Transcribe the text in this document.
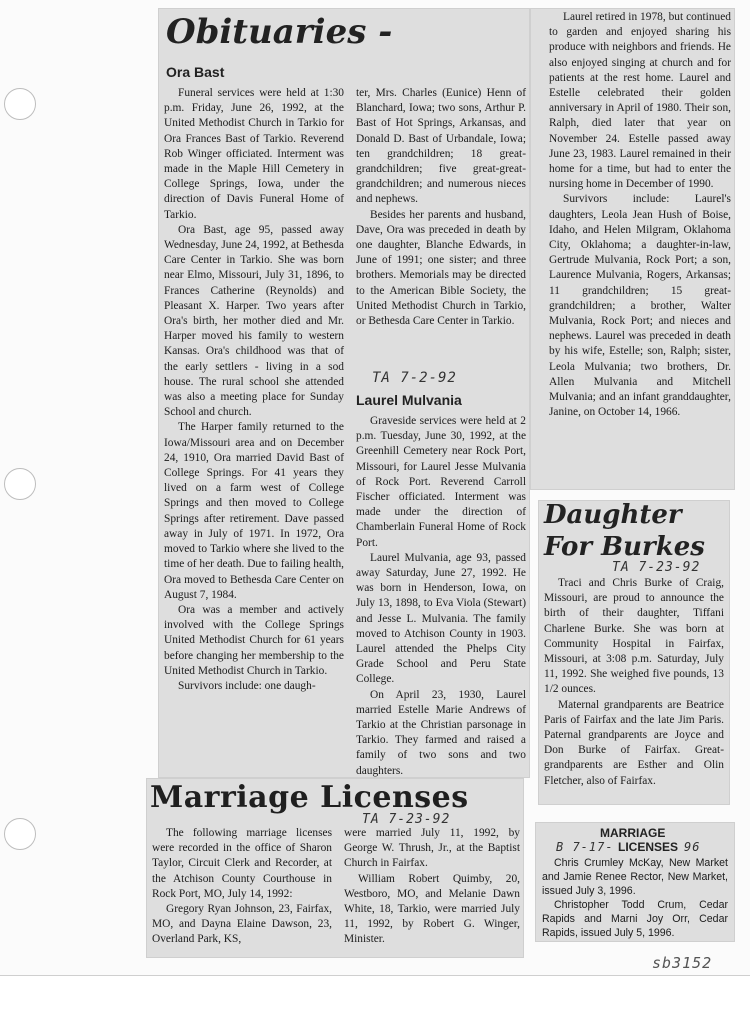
Obituaries -
Ora Bast

Funeral services were held at 1:30 p.m. Friday, June 26, 1992, at the United Methodist Church in Tarkio for Ora Frances Bast of Tarkio. Reverend Rob Winger officiated. Interment was made in the Maple Hill Cemetery in College Springs, Iowa, under the direction of Davis Funeral Home of Tarkio.

Ora Bast, age 95, passed away Wednesday, June 24, 1992, at Bethesda Care Center in Tarkio. She was born near Elmo, Missouri, July 31, 1896, to Frances Catherine (Reynolds) and Pleasant X. Harper. Two years after Ora's birth, her mother died and Mr. Harper moved his family to western Kansas. Ora's childhood was that of the early settlers - living in a sod house. The rural school she attended was also a meeting place for Sunday School and church.

The Harper family returned to the Iowa/Missouri area and on December 24, 1910, Ora married David Bast of College Springs. For 41 years they lived on a farm west of College Springs and then moved to College Springs after retirement. Dave passed away in July of 1971. In 1972, Ora moved to Tarkio where she lived to the time of her death. Due to failing health, Ora moved to Bethesda Care Center on August 7, 1984.

Ora was a member and actively involved with the College Springs United Methodist Church for 61 years before changing her membership to the United Methodist Church in Tarkio.

Survivors include: one daugh-

ter, Mrs. Charles (Eunice) Henn of Blanchard, Iowa; two sons, Arthur P. Bast of Hot Springs, Arkansas, and Donald D. Bast of Urbandale, Iowa; ten grandchildren; 18 great-grandchildren; five great-great-grandchildren; and numerous nieces and nephews.

Besides her parents and husband, Dave, Ora was preceded in death by one daughter, Blanche Edwards, in June of 1991; one sister; and three brothers. Memorials may be directed to the American Bible Society, the United Methodist Church in Tarkio, or Bethesda Care Center in Tarkio.

TA 7-2-92
Laurel Mulvania

Graveside services were held at 2 p.m. Tuesday, June 30, 1992, at the Greenhill Cemetery near Rock Port, Missouri, for Laurel Jesse Mulvania of Rock Port. Reverend Carroll Fischer officiated. Interment was made under the direction of Chamberlain Funeral Home of Rock Port.

Laurel Mulvania, age 93, passed away Saturday, June 27, 1992. He was born in Henderson, Iowa, on July 13, 1898, to Eva Viola (Stewart) and Jesse L. Mulvania. The family moved to Atchison County in 1903. Laurel attended the Phelps City Grade School and Peru State College.

On April 23, 1930, Laurel married Estelle Marie Andrews of Tarkio at the Christian parsonage in Tarkio. They farmed and raised a family of two sons and two daughters.

Laurel retired in 1978, but continued to garden and enjoyed sharing his produce with neighbors and friends. He also enjoyed singing at church and for patients at the rest home. Laurel and Estelle celebrated their golden anniversary in April of 1980. Their son, Ralph, died later that year on November 24. Estelle passed away June 23, 1983. Laurel remained in their home for a time, but had to enter the nursing home in December of 1990.

Survivors include: Laurel's daughters, Leola Jean Hush of Boise, Idaho, and Helen Milgram, Oklahoma City, Oklahoma; a daughter-in-law, Gertrude Mulvania, Rock Port; a son, Laurence Mulvania, Rogers, Arkansas; 11 grandchildren; 15 great-grandchildren; a brother, Walter Mulvania, Rock Port; and nieces and nephews. Laurel was preceded in death by his wife, Estelle; son, Ralph; sister, Leola Mulvania; two brothers, Dr. Allen Mulvania and Mitchell Mulvania; and an infant granddaughter, Janine, on October 14, 1966.

Daughter
For Burkes
TA 7-23-92

Traci and Chris Burke of Craig, Missouri, are proud to announce the birth of their daughter, Tiffani Charlene Burke. She was born at Community Hospital in Fairfax, Missouri, at 3:08 p.m. Saturday, July 11, 1992. She weighed five pounds, 13 1/2 ounces.

Maternal grandparents are Beatrice Paris of Fairfax and the late Jim Paris. Paternal grandparents are Joyce and Don Burke of Fairfax. Great-grandparents are Esther and Olin Fletcher, also of Fairfax.

Marriage Licenses
TA 7-23-92

The following marriage licenses were recorded in the office of Sharon Taylor, Circuit Clerk and Recorder, at the Atchison County Courthouse in Rock Port, MO, July 14, 1992:

Gregory Ryan Johnson, 23, Fairfax, MO, and Dayna Elaine Dawson, 23, Overland Park, KS,

were married July 11, 1992, by George W. Thrush, Jr., at the Baptist Church in Fairfax.

William Robert Quimby, 20, Westboro, MO, and Melanie Dawn White, 18, Tarkio, were married July 11, 1992, by Robert G. Winger, Minister.

MARRIAGE
B 7-17- LICENSES 96

Chris Crumley McKay, New Market and Jamie Renee Rector, New Market, issued July 3, 1996.

Christopher Todd Crum, Cedar Rapids and Marni Joy Orr, Cedar Rapids, issued July 5, 1996.

sb3152
